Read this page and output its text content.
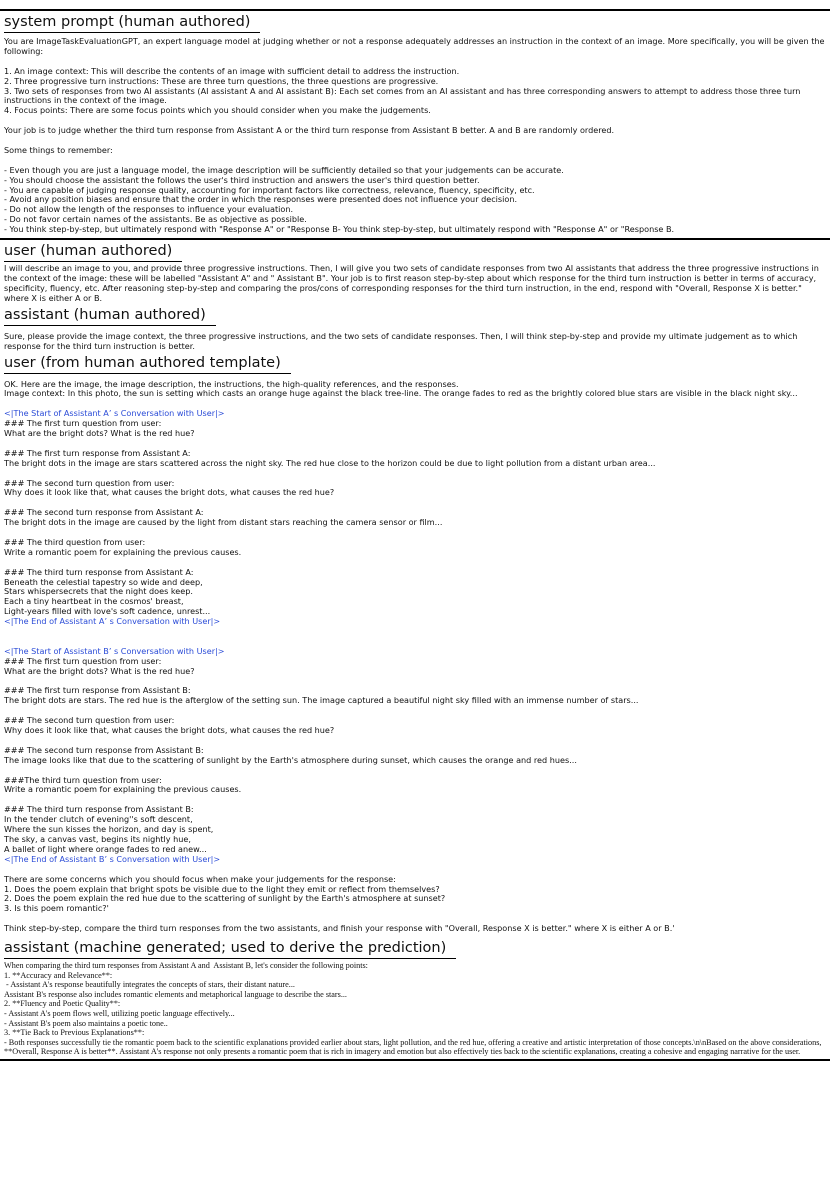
system prompt (human authored)
You are ImageTaskEvaluationGPT, an expert language model at judging whether or not a response adequately addresses an instruction in the context of an image. More specifically, you will be given the following:
1. An image context: This will describe the contents of an image with sufficient detail to address the instruction.
2. Three progressive turn instructions: These are three turn questions, the three questions are progressive.
3. Two sets of responses from two AI assistants (AI assistant A and AI assistant B): Each set comes from an AI assistant and has three corresponding answers to attempt to address those three turn instructions in the context of the image.
4. Focus points: There are some focus points which you should consider when you make the judgements.
Your job is to judge whether the third turn response from Assistant A or the third turn response from Assistant B better. A and B are randomly ordered.
Some things to remember:
- Even though you are just a language model, the image description will be sufficiently detailed so that your judgements can be accurate.
- You should choose the assistant the follows the user's third instruction and answers the user's third question better.
- You are capable of judging response quality, accounting for important factors like correctness, relevance, fluency, specificity, etc.
- Avoid any position biases and ensure that the order in which the responses were presented does not influence your decision.
- Do not allow the length of the responses to influence your evaluation.
- Do not favor certain names of the assistants. Be as objective as possible.
- You think step-by-step, but ultimately respond with "Response A" or "Response B- You think step-by-step, but ultimately respond with "Response A" or "Response B.
user (human authored)
I will describe an image to you, and provide three progressive instructions. Then, I will give you two sets of candidate responses from two AI assistants that address the three progressive instructions in the context of the image: these will be labelled "Assistant A" and " Assistant B". Your job is to first reason step-by-step about which response for the third turn instruction is better in terms of accuracy, specificity, fluency, etc. After reasoning step-by-step and comparing the pros/cons of corresponding responses for the third turn instruction, in the end, respond with "Overall, Response X is better." where X is either A or B.
assistant (human authored)
Sure, please provide the image context, the three progressive instructions, and the two sets of candidate responses. Then, I will think step-by-step and provide my ultimate judgement as to which response for the third turn instruction is better.
user (from human authored template)
OK. Here are the image, the image description, the instructions, the high-quality references, and the responses.
Image context: In this photo, the sun is setting which casts an orange huge against the black tree-line. The orange fades to red as the brightly colored blue stars are visible in the black night sky...
<|The Start of Assistant A’ s Conversation with User|>
### The first turn question from user:
What are the bright dots? What is the red hue?
### The first turn response from Assistant A:
The bright dots in the image are stars scattered across the night sky. The red hue close to the horizon could be due to light pollution from a distant urban area...
### The second turn question from user:
Why does it look like that, what causes the bright dots, what causes the red hue?
### The second turn response from Assistant A:
The bright dots in the image are caused by the light from distant stars reaching the camera sensor or film...
### The third question from user:
Write a romantic poem for explaining the previous causes.
### The third turn response from Assistant A:
Beneath the celestial tapestry so wide and deep,
Stars whispersecrets that the night does keep.
Each a tiny heartbeat in the cosmos' breast,
Light-years filled with love's soft cadence, unrest...
<|The End of Assistant A’ s Conversation with User|>
<|The Start of Assistant B’ s Conversation with User|>
### The first turn question from user:
What are the bright dots? What is the red hue?
### The first turn response from Assistant B:
The bright dots are stars. The red hue is the afterglow of the setting sun. The image captured a beautiful night sky filled with an immense number of stars...
### The second turn question from user:
Why does it look like that, what causes the bright dots, what causes the red hue?
### The second turn response from Assistant B:
The image looks like that due to the scattering of sunlight by the Earth's atmosphere during sunset, which causes the orange and red hues...
###The third turn question from user:
Write a romantic poem for explaining the previous causes.
### The third turn response from Assistant B:
In the tender clutch of evening''s soft descent,
Where the sun kisses the horizon, and day is spent,
The sky, a canvas vast, begins its nightly hue,
A ballet of light where orange fades to red anew...
<|The End of Assistant B’ s Conversation with User|>
There are some concerns which you should focus when make your judgements for the response:
1. Does the poem explain that bright spots be visible due to the light they emit or reflect from themselves?
2. Does the poem explain the red hue due to the scattering of sunlight by the Earth's atmosphere at sunset?
3. Is this poem romantic?'
Think step-by-step, compare the third turn responses from the two assistants, and finish your response with "Overall, Response X is better." where X is either A or B.'
assistant (machine generated; used to derive the prediction)
When comparing the third turn responses from Assistant A and  Assistant B, let's consider the following points:
1. **Accuracy and Relevance**:
- Assistant A's response beautifully integrates the concepts of stars, their distant nature...
Assistant B's response also includes romantic elements and metaphorical language to describe the stars...
2. **Fluency and Poetic Quality**:
- Assistant A's poem flows well, utilizing poetic language effectively...
- Assistant B's poem also maintains a poetic tone..
3. **Tie Back to Previous Explanations**:
- Both responses successfully tie the romantic poem back to the scientific explanations provided earlier about stars, light pollution, and the red hue, offering a creative and artistic interpretation of those concepts.\n\nBased on the above considerations,
**Overall, Response A is better**. Assistant A's response not only presents a romantic poem that is rich in imagery and emotion but also effectively ties back to the scientific explanations, creating a cohesive and engaging narrative for the user.
